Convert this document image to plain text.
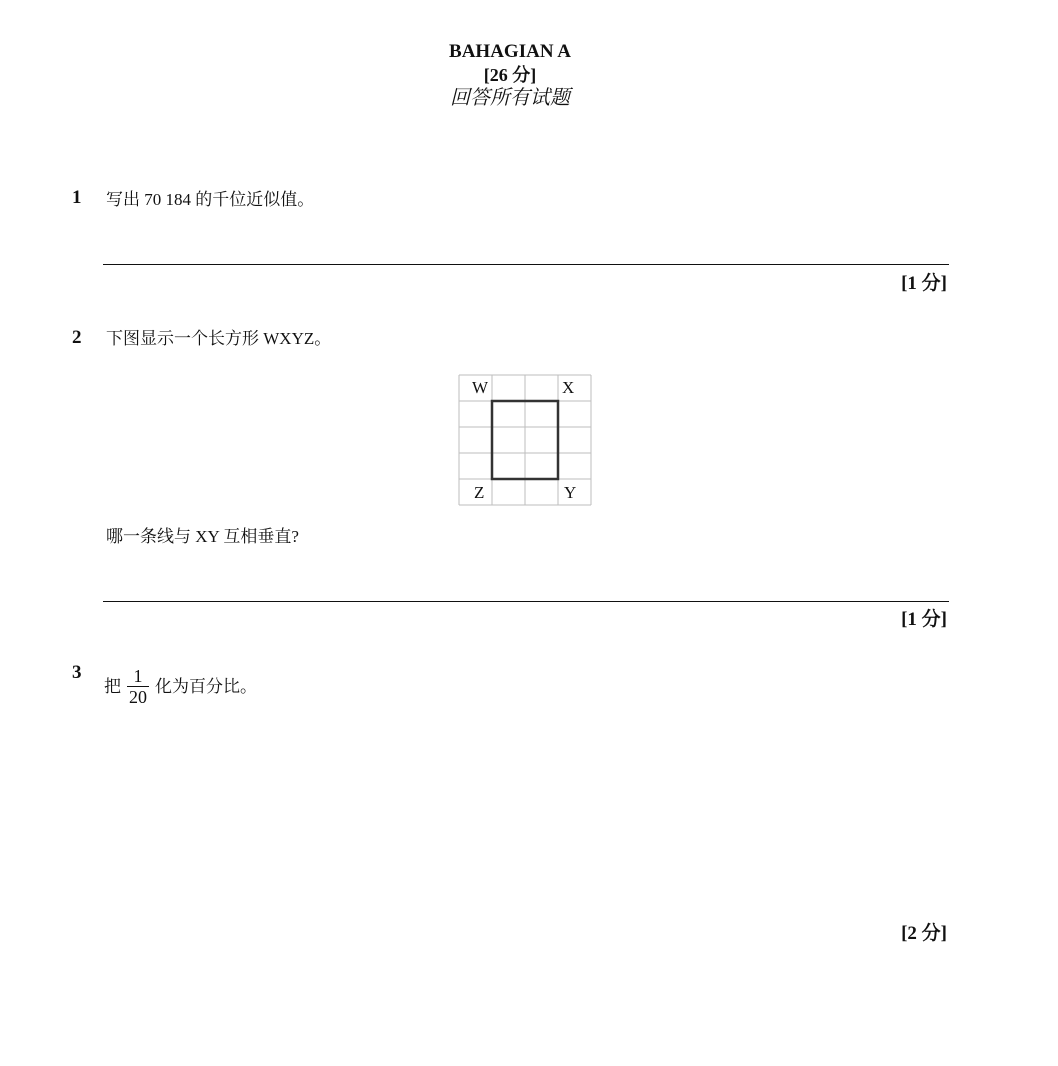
BAHAGIAN A
[26 分]
回答所有试题
1 写出 70 184 的千位近似值。
[1 分]
2 下图显示一个长方形 WXYZ。
W	X
Z	Y
哪一条线与 XY 互相垂直?
[1 分]
3
把 $\frac{1}{20}$ 化为百分比。
[2 分]
